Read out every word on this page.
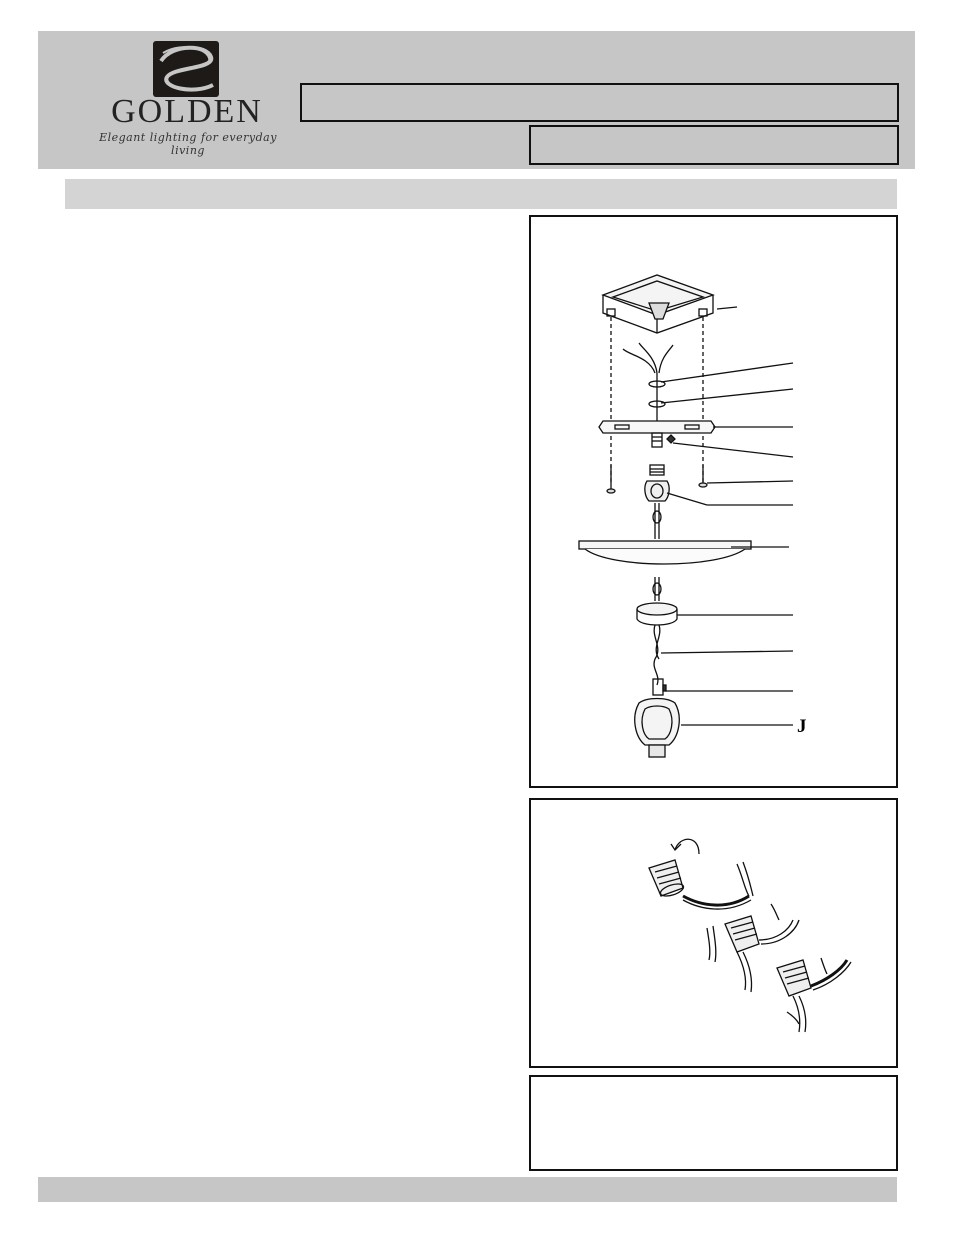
GOLDEN
Elegant lighting for everyday living
J
